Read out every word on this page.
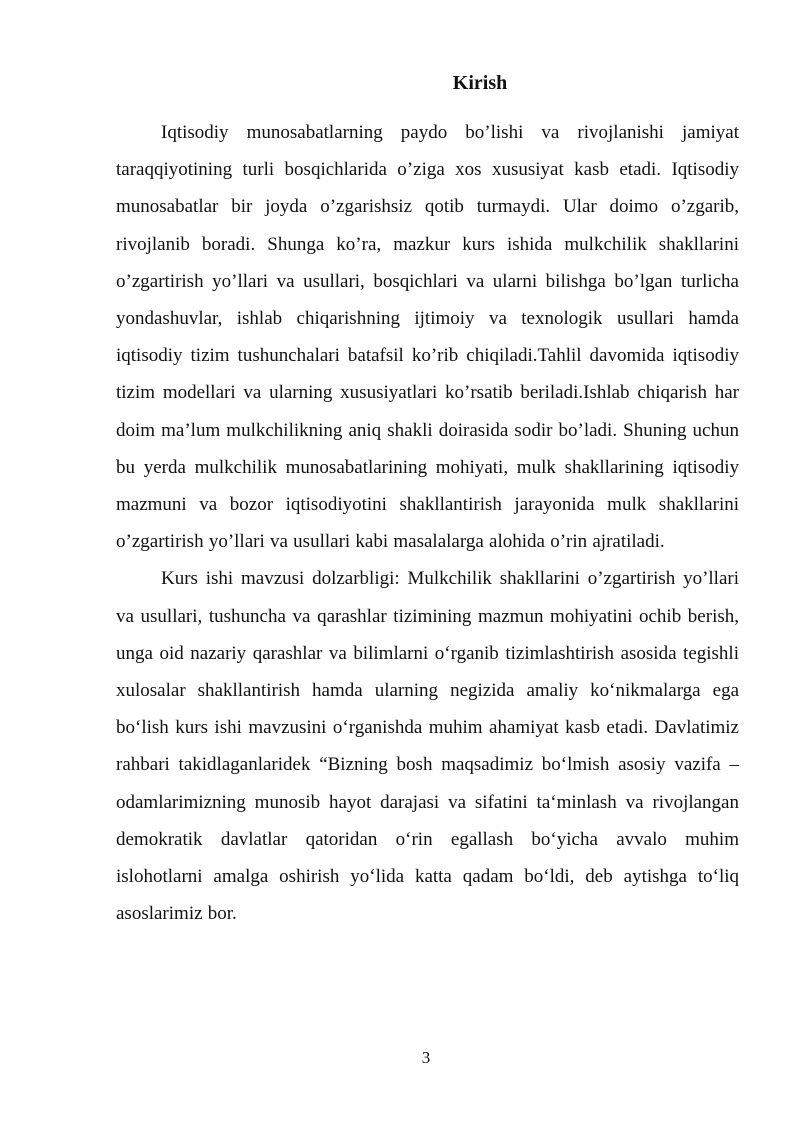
Kirish

Iqtisodiy munosabatlarning paydo bo’lishi va rivojlanishi jamiyat taraqqiyotining turli bosqichlarida o’ziga xos xususiyat kasb etadi. Iqtisodiy munosabatlar bir joyda o’zgarishsiz qotib turmaydi. Ular doimo o’zgarib, rivojlanib boradi. Shunga ko’ra, mazkur kurs ishida mulkchilik shakllarini o’zgartirish yo’llari va usullari, bosqichlari va ularni bilishga bo’lgan turlicha yondashuvlar, ishlab chiqarishning ijtimoiy va texnologik usullari hamda iqtisodiy tizim tushunchalari batafsil ko’rib chiqiladi.Tahlil davomida iqtisodiy tizim modellari va ularning xususiyatlari ko’rsatib beriladi.Ishlab chiqarish har doim ma’lum mulkchilikning aniq shakli doirasida sodir bo’ladi. Shuning uchun bu yerda mulkchilik munosabatlarining mohiyati, mulk shakllarining iqtisodiy mazmuni va bozor iqtisodiyotini shakllantirish jarayonida mulk shakllarini o’zgartirish yo’llari va usullari kabi masalalarga alohida o’rin ajratiladi.

Kurs ishi mavzusi dolzarbligi: Mulkchilik shakllarini o’zgartirish yo’llari va usullari, tushuncha va qarashlar tizimining mazmun mohiyatini ochib berish, unga oid nazariy qarashlar va bilimlarni o‘rganib tizimlashtirish asosida tegishli xulosalar shakllantirish hamda ularning negizida amaliy ko‘nikmalarga ega bo‘lish kurs ishi mavzusini o‘rganishda muhim ahamiyat kasb etadi. Davlatimiz rahbari takidlaganlaridek “Bizning bosh maqsadimiz bo‘lmish asosiy vazifa – odamlarimizning munosib hayot darajasi va sifatini ta‘minlash va rivojlangan demokratik davlatlar qatoridan o‘rin egallash bo‘yicha avvalo muhim islohotlarni amalga oshirish yo‘lida katta qadam bo‘ldi, deb aytishga to‘liq asoslarimiz bor.

3
